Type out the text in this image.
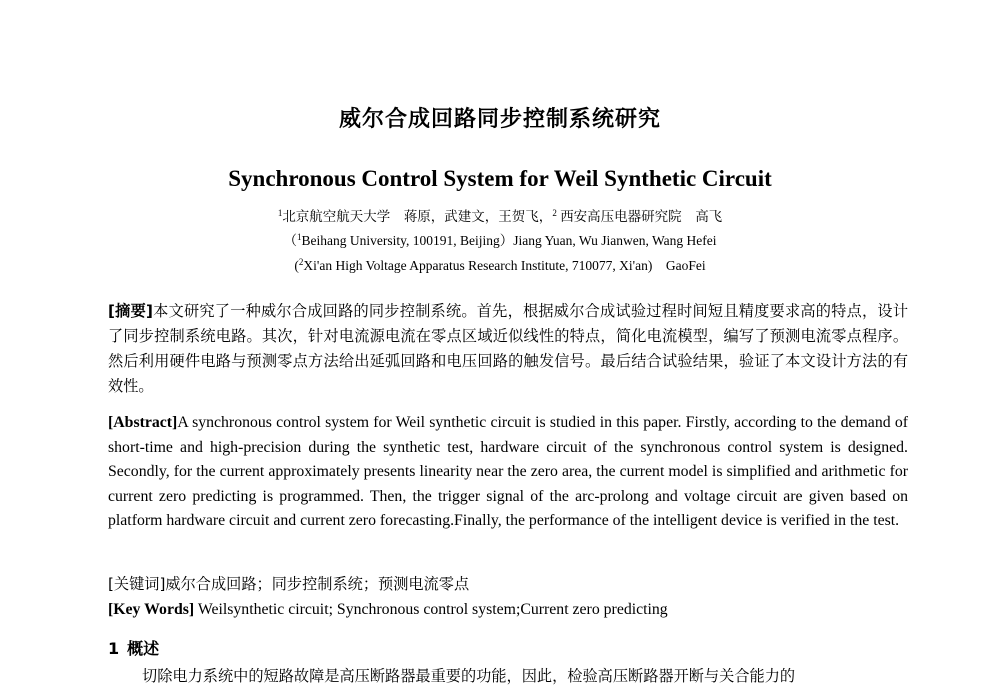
威尔合成回路同步控制系统研究
Synchronous Control System for Weil Synthetic Circuit
$^1$北京航空航天大学 蒋原，武建文，王贺飞，$^2$ 西安高压电器研究院 高飞
（$^1$Beihang University, 100191, Beijing）Jiang Yuan, Wu Jianwen, Wang Hefei
($^2$Xi'an High Voltage Apparatus Research Institute, 710077, Xi'an)    GaoFei
[摘要]本文研究了一种威尔合成回路的同步控制系统。首先，根据威尔合成试验过程时间短且精度要求高的特点，设计了同步控制系统电路。其次，针对电流源电流在零点区域近似线性的特点，简化电流模型，编写了预测电流零点程序。然后利用硬件电路与预测零点方法给出延弧回路和电压回路的触发信号。最后结合试验结果，验证了本文设计方法的有效性。
[Abstract]A synchronous control system for Weil synthetic circuit is studied in this paper. Firstly, according to the demand of short-time and high-precision during the synthetic test, hardware circuit of the synchronous control system is designed. Secondly, for the current approximately presents linearity near the zero area, the current model is simplified and arithmetic for current zero predicting is programmed. Then, the trigger signal of the arc-prolong and voltage circuit are given based on platform hardware circuit and current zero forecasting.Finally, the performance of the intelligent device is verified in the test.
[关键词]威尔合成回路；同步控制系统；预测电流零点
[Key Words] Weilsynthetic circuit; Synchronous control system;Current zero predicting
1 概述
切除电力系统中的短路故障是高压断路器最重要的功能，因此，检验高压断路器开断与关合能力的
